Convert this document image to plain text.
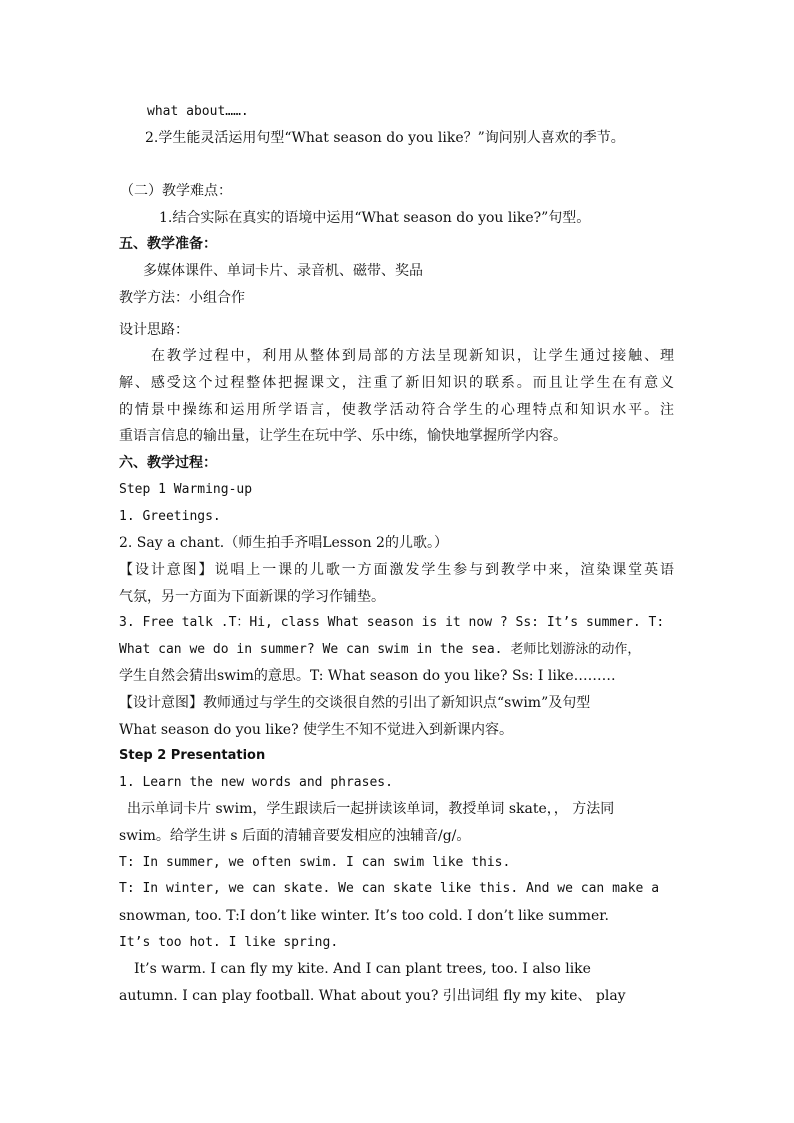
what about…….
2.学生能灵活运用句型“What season do you like？”询问别人喜欢的季节。
（二）教学难点：
1.结合实际在真实的语境中运用“What season do you like?”句型。
五、教学准备：
多媒体课件、单词卡片、录音机、磁带、奖品
教学方法：小组合作
设计思路：
在教学过程中，利用从整体到局部的方法呈现新知识，让学生通过接触、理
解、感受这个过程整体把握课文，注重了新旧知识的联系。而且让学生在有意义
的情景中操练和运用所学语言，使教学活动符合学生的心理特点和知识水平。注
重语言信息的输出量，让学生在玩中学、乐中练，愉快地掌握所学内容。
六、教学过程：
Step 1 Warming-up
1. Greetings.
2. Say a chant.（师生拍手齐唱Lesson 2的儿歌。）
【设计意图】说唱上一课的儿歌一方面激发学生参与到教学中来，渲染课堂英语
气氛，另一方面为下面新课的学习作铺垫。
3. Free talk .T：Hi, class What season is it now ? Ss: It’s summer. T:
What can we do in summer? We can swim in the sea. 老师比划游泳的动作，
学生自然会猜出swim的意思。T: What season do you like? Ss: I like………
【设计意图】教师通过与学生的交谈很自然的引出了新知识点“swim”及句型
What season do you like? 使学生不知不觉进入到新课内容。
Step 2 Presentation
1. Learn the new words and phrases.
出示单词卡片 swim，学生跟读后一起拼读该单词，教授单词 skate，， 方法同
swim。给学生讲 s 后面的清辅音要发相应的浊辅音/g/。
T: In summer, we often swim. I can swim like this.
T: In winter, we can skate. We can skate like this. And we can make a
snowman, too. T:I don’t like winter. It’s too cold. I don’t like summer.
It’s too hot. I like spring.
It’s warm. I can fly my kite. And I can plant trees, too. I also like
autumn. I can play football. What about you? 引出词组 fly my kite、 play
